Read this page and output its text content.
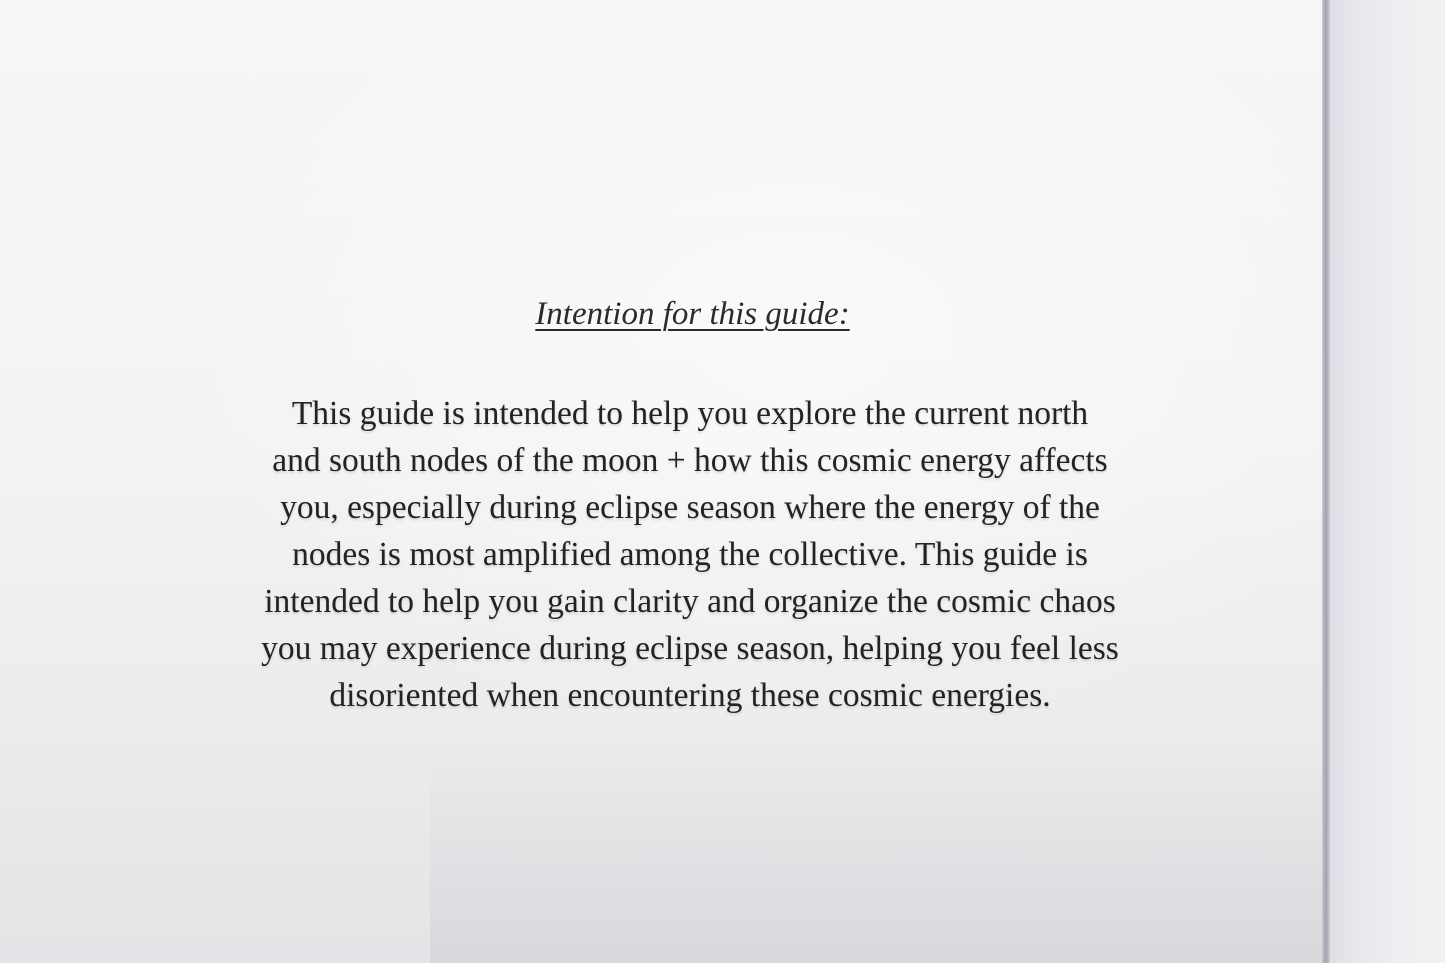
Intention for this guide:

This guide is intended to help you explore the current north
and south nodes of the moon + how this cosmic energy affects
you, especially during eclipse season where the energy of the
nodes is most amplified among the collective. This guide is
intended to help you gain clarity and organize the cosmic chaos
you may experience during eclipse season, helping you feel less
disoriented when encountering these cosmic energies.
